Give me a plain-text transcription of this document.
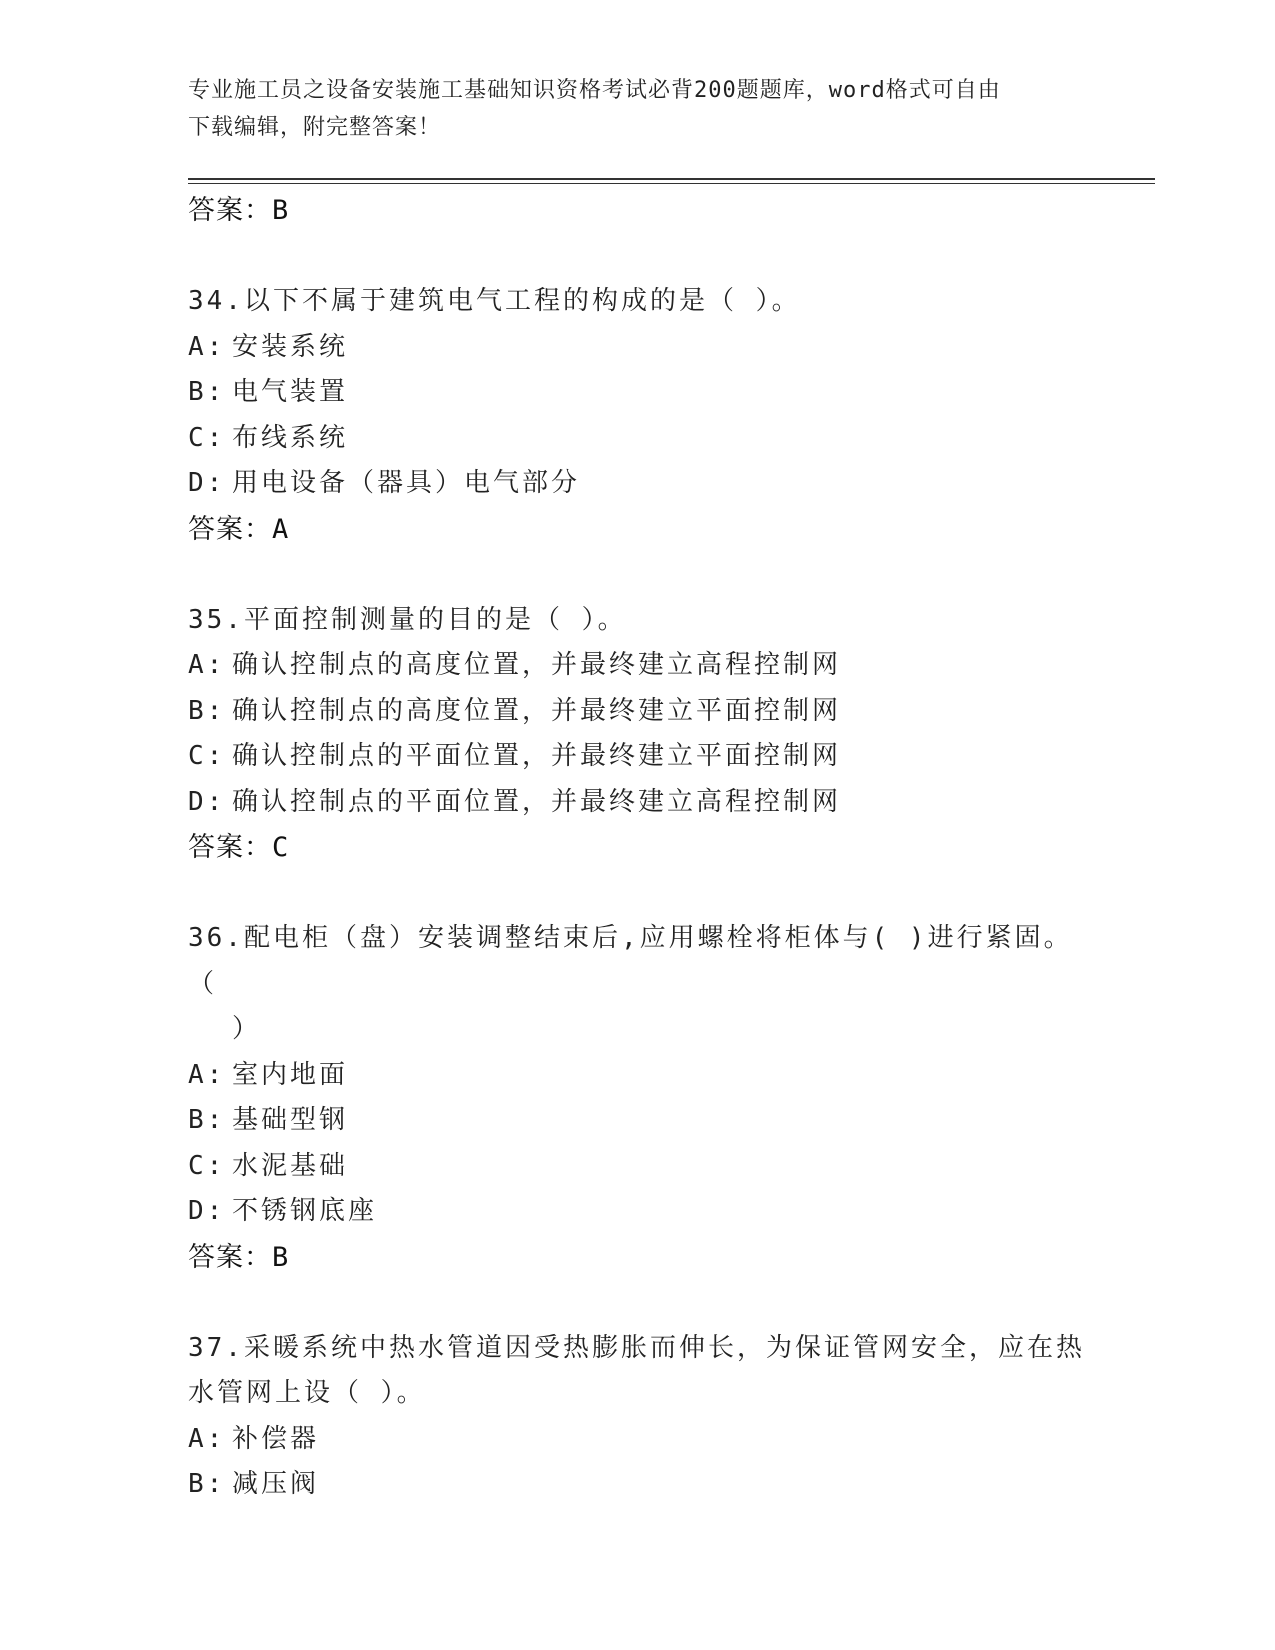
专业施工员之设备安装施工基础知识资格考试必背200题题库，word格式可自由
下载编辑，附完整答案！
答案：B
34.以下不属于建筑电气工程的构成的是（ ）。
A: 安装系统
B: 电气装置
C: 布线系统
D: 用电设备（器具）电气部分
答案：A
35.平面控制测量的目的是（ ）。
A: 确认控制点的高度位置，并最终建立高程控制网
B: 确认控制点的高度位置，并最终建立平面控制网
C: 确认控制点的平面位置，并最终建立平面控制网
D: 确认控制点的平面位置，并最终建立高程控制网
答案：C
36.配电柜（盘）安装调整结束后,应用螺栓将柜体与( )进行紧固。（
）
A: 室内地面
B: 基础型钢
C: 水泥基础
D: 不锈钢底座
答案：B
37.采暖系统中热水管道因受热膨胀而伸长，为保证管网安全，应在热
水管网上设（ ）。
A: 补偿器
B: 减压阀
